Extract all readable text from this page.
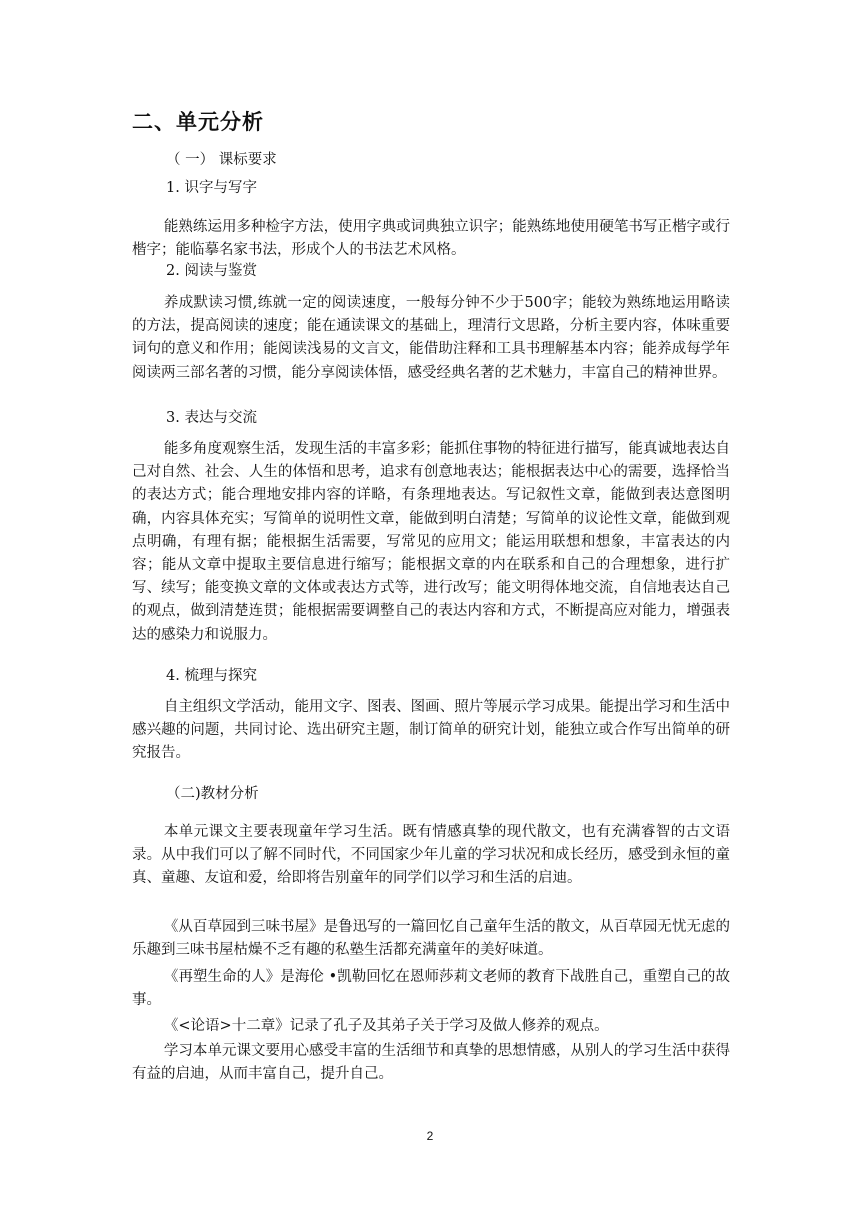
二、单元分析

（ 一） 课标要求

1. 识字与写字

能熟练运用多种检字方法，使用字典或词典独立识字；能熟练地使用硬笔书写正楷字或行楷字；能临摹名家书法，形成个人的书法艺术风格。

2. 阅读与鉴赏

养成默读习惯,练就一定的阅读速度，一般每分钟不少于500字；能较为熟练地运用略读的方法，提高阅读的速度；能在通读课文的基础上，理清行文思路，分析主要内容，体味重要词句的意义和作用；能阅读浅易的文言文，能借助注释和工具书理解基本内容；能养成每学年阅读两三部名著的习惯，能分享阅读体悟，感受经典名著的艺术魅力，丰富自己的精神世界。

3. 表达与交流

能多角度观察生活，发现生活的丰富多彩；能抓住事物的特征进行描写，能真诚地表达自己对自然、社会、人生的体悟和思考，追求有创意地表达；能根据表达中心的需要，选择恰当的表达方式；能合理地安排内容的详略，有条理地表达。写记叙性文章，能做到表达意图明确，内容具体充实；写简单的说明性文章，能做到明白清楚；写简单的议论性文章，能做到观点明确，有理有据；能根据生活需要，写常见的应用文；能运用联想和想象，丰富表达的内容；能从文章中提取主要信息进行缩写；能根据文章的内在联系和自己的合理想象，进行扩写、续写；能变换文章的文体或表达方式等，进行改写；能文明得体地交流，自信地表达自己的观点，做到清楚连贯；能根据需要调整自己的表达内容和方式，不断提高应对能力，增强表达的感染力和说服力。

4. 梳理与探究

自主组织文学活动，能用文字、图表、图画、照片等展示学习成果。能提出学习和生活中感兴趣的问题，共同讨论、选出研究主题，制订简单的研究计划，能独立或合作写出简单的研究报告。

（二)教材分析

本单元课文主要表现童年学习生活。既有情感真挚的现代散文，也有充满睿智的古文语录。从中我们可以了解不同时代，不同国家少年儿童的学习状况和成长经历，感受到永恒的童真、童趣、友谊和爱，给即将告别童年的同学们以学习和生活的启迪。

《从百草园到三味书屋》是鲁迅写的一篇回忆自己童年生活的散文，从百草园无忧无虑的乐趣到三味书屋枯燥不乏有趣的私塾生活都充满童年的美好味道。

《再塑生命的人》是海伦 •凯勒回忆在恩师莎莉文老师的教育下战胜自己，重塑自己的故事。

《<论语>十二章》记录了孔子及其弟子关于学习及做人修养的观点。

学习本单元课文要用心感受丰富的生活细节和真挚的思想情感，从别人的学习生活中获得有益的启迪，从而丰富自己，提升自己。

2
